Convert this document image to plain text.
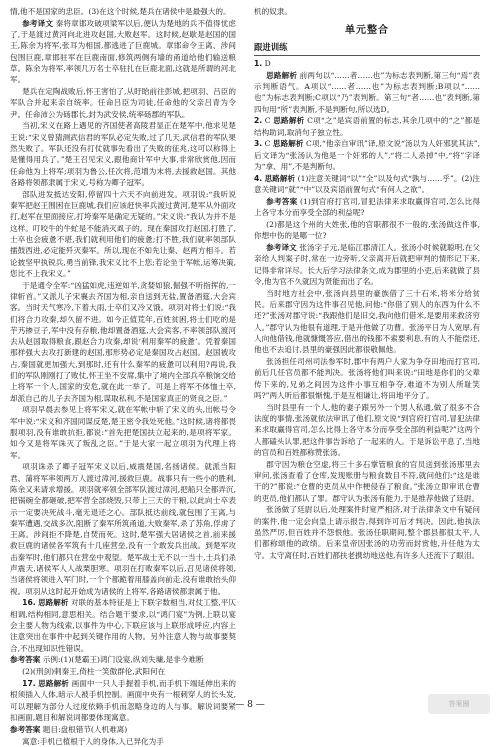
情,他不是国家的忠臣。(3)在这个时候,楚兵在诸侯中是最强大的。

参考译文 秦将章邯攻破项梁军以后,便认为楚地的兵不值得忧虑了,于是渡过黄河向北进攻赵国,大败赵军。这时候,赵歇是赵国的国王,陈余为将军,张耳为相国,都逃进了巨鹿城。章邯命令王离、涉间包围巨鹿,章邯驻军在巨鹿南面,修筑两侧有墙的甬道给他们输送粮草。陈余为将军,率领几万名士卒驻扎在巨鹿北面,这就是所谓的河北军。

楚兵在定陶战败后,怀王害怕了,从盱眙前往彭城,把项羽、吕臣的军队合并起来亲自统率。任命吕臣为司徒,任命他的父亲吕青为令尹。任命沛公为砀郡长,封为武安侯,统率砀郡的军队。

当初,宋义在路上遇见的齐国使者高陵君显正在楚军中,他求见楚王说:“宋义曾猜测武信君的军队必定失败,过了几天,武信君的军队果然失败了。军队还没有打仗就事先看出了失败的征兆,这可以称得上是懂得用兵了。”楚王召见宋义,跟他商计军中大事,非常欣赏他,因而任命他为上将军;项羽为鲁公,任次将,范增为末将,去援救赵国。其他各路将领都隶属于宋义,号称为卿子冠军。

部队进发抵达安阳,停留四十六天不向前进发。项羽说:“我听说秦军把赵王围困在巨鹿城,我们应该赶快率兵渡过黄河,楚军从外面攻打,赵军在里面接应,打垮秦军是确定无疑的。”宋义说:“我认为并不是这样。叮咬牛的牛虻是不能消灭虱子的。现在秦国攻打赵国,打胜了,士卒也会疲惫不堪,我们就利用他们的疲惫;打不胜,我们就率领部队擂鼓西进,必定能歼灭秦军。所以,现在不如先让秦、赵两方相斗。若论披坚甲执锐兵,勇当前锋,我宋义比不上您;若论坐于军帐,运筹决策,您比不上我宋义。”

于是通令全军:“凶猛如虎,违逆如羊,贪婪如狼,倔强不听指挥的,一律斩首。”又派儿子宋襄去齐国为相,亲自送到无盐,置备酒筵,大会宾客。当时天气寒冷,下着大雨,士卒们又冷又饿。项羽对将士们说:“我们将合力攻秦,却久留不进。如今正值荒年,百姓贫困,将士们吃的是芋艿掺豆子,军中没有存粮,他却置备酒筵,大会宾客,不率领部队渡河去从赵国取得粮食,跟赵合力攻秦,却说‘利用秦军的疲惫’。凭着秦国那样强大去攻打新建的赵国,那形势必定是秦国攻占赵国。赵国被攻占,秦国就更加强大,到那时,还有什么秦军的疲惫可以利用?再说,我们的军队刚刚打了败仗,怀王坐不安席,集中了境内全部兵卒粮饷交给上将军一个人,国家的安危,就在此一举了。可是上将军不体恤士卒,却派自己的儿子去齐国为相,谋取私利,不是国家真正的贤良之臣。”

项羽早晨去参见上将军宋义,就在军帐中斩了宋义的头,出帐号令军中说:“宋义和齐国同谋反楚,楚王密令我处死他。”这时候,诸将都畏服项羽,没有谁敢抗拒,都说:“首先把楚国扶立起来的,是项将军家。如今又是将军诛灭了叛乱之臣。”于是大家一起立项羽为代理上将军。

项羽诛杀了卿子冠军宋义以后,威震楚国,名扬诸侯。就派当阳君、蒲将军率领两万人渡过漳河,援救巨鹿。战事只有一些小的胜利,陈余又来请求增援。项羽就率领全部军队渡过漳河,把船只全都弄沉,把锅碗全都砸破,把军营全部烧毁,只带上三天的干粮,以此向士卒表示一定要决死战斗,毫无退还之心。部队抵达前线,就包围了王离,与秦军遭遇,交战多次,阻断了秦军所筑甬道,大败秦军,杀了苏角,俘虏了王离。涉间拒不降楚,自焚而死。这时,楚军强大居诸侯之首,前来援救巨鹿的诸侯各军筑有十几座营垒,没有一个敢发兵出战。到楚军攻击秦军时,他们都只在营垒中观望。楚军战士无不以一当十,士兵们杀声震天,诸侯军人人战栗胆寒。项羽在打败秦军以后,召见诸侯将领,当诸侯将领进入军门时,一个个都跪着用膝盖向前走,没有谁敢抬头仰视。项羽从这时起开始成为诸侯的上将军,各路诸侯都隶属于他。

16. 思路解析 对联的基本特征是上下联字数相当,对仗工整,平仄相调,结构相同,意思相关。结合题干要求,以“鸿门宴”为例,上联以宴会主要人物为线索,以事件为中心,下联应该与上联形成呼应,内容上注意突出在事件中起到关键作用的人物。另外注意人物与故事要契合,不出现知识性错误。

参考答案 示例:(1)(楚霸王)鸿门设宴,纵刘失墉,是非今难断

(2)(刑剑)剌秦王,倚柱一笑傲群伦,武阳何在

17. 思路解析 画面中一只人手握着手机,而手机下端延伸出来的根须插入人体,暗示人被手机控制。画面中央有一根刺穿人的长头发,可以理解为部分人过度依赖手机而忽略身边的人与事。解说词要紧扣画面,题目和解说词都要体现寓意。

参考答案 题目:盘根错节(人机难离)

寓意:手机已植根于人的身体,人已异化为手

机的奴隶。

单元整合
跟进训练

1. D

思路解析 前两句以“……者……也”为标志表判断,第三句“焉”表示判断语气。A项以“……者……也”为标志表判断;B项以“……也”为标志表判断;C项以“乃”表判断。第三句“者……也”表判断,第四句用“所”表判断,不是判断句,所以选D。

2. C 思路解析 C项“之”是宾语前置的标志,其余几项中的“之”都是结构助词,取消句子独立性。

3. C 思路解析 C项,“他亲自审讯”译,原文说“汤以为人奸邪犹其法”,后文译为“张汤认为他是一个奸邪的人”,“将二人杀掉”中,“将”字译为“拿、用”,不是判断句。

4. 思路解析 (1)注意关键词“以”“全”以及句式“孰与……乎”。(2)注意关键词“就”“中”以及宾语前置句式“有何人之欲”。

参考答案 (1)到官府打官司,冒犯法律来求取赢得官司,怎么比得上各守本分而享受全部的利益呢?

(2)都是这个州的大姓张,他的官职都很不一般的,张汤做这件事,你想中伤的是哪一位?

参考译文 张汤字子元,是临江郡清江人。张汤小时候就聪明,在父亲给人判案子时,常在一边旁听,父亲离开后就把审判的情形记下来,记得非常详尽。长大后学习法律条文,成为郡里的小吏,后来就做了县令,他为官不久就因为贤能而出了名。

当时地方社会中,张汤向县里的豪族借了三十石米,将米分给贫民。后来郡守因为这件事召见他,问他:“你借了别人的东西为什么不还?”张汤对郡守说:“我跟他们是旧交,我向他们借米,是要用来救济穷人。”郡守认为他很有道理,于是升他做了功曹。张汤平日为人宽厚,有人向他借钱,他就慷慨答应,借出的钱都不索要利息,有的人不能偿还,他也不去追讨,县里的豪强因此都很敬佩他。

张汤担任司州司法参军时,郡中有两户人家为争夺田地而打官司,前后几任官员都不能判决。张汤将他们叫来说:“田地是你们的父辈传下来的,兄弟之间因为这件小事互相争夺,难道不为别人所耻笑吗?”两人听后都很惭愧,于是互相谦让,将田地平分了。

当时县里有一个人,他的妻子跟另外一个男人私通,做了很多不合法度的事情,张汤就依法审讯了他们,原文说“到官府打官司,冒犯法律来求取赢得官司,怎么比得上各守本分而享受全部的利益呢?”这两个人都磕头认罪,把这件事告诉给了一起来的人。于是诉讼平息了,当地的官员和百姓都称赞张汤。

郡守因为粮仓空虚,将三十多石掌管粮食的官员送到张汤那里去审问,张汤查看了仓库,发现账册与粮食数目不符,就问他们:“这是谁干的?”都说:“仓曹的吏员从中作梗侵吞了粮食。”张汤立即审讯仓曹的吏员,他们都认了罪。郡守认为张汤有能力,于是推荐他做了廷尉。

张汤做了廷尉以后,处理案件时宽严相济,对于法律条文中有疑问的案件,他一定会向皇上请示报告,得到许可后才判决。因此,他执法虽然严厉,但百姓并不怨恨他。张汤任职期间,整个郡县都很太平,人们都称颂他的政绩。后来皇帝因张汤的功劳而封赏他,升任他为太守。太守离任时,百姓们都扶老携幼地送他,有许多人还流下了眼泪。

— 8 —	答案圈
